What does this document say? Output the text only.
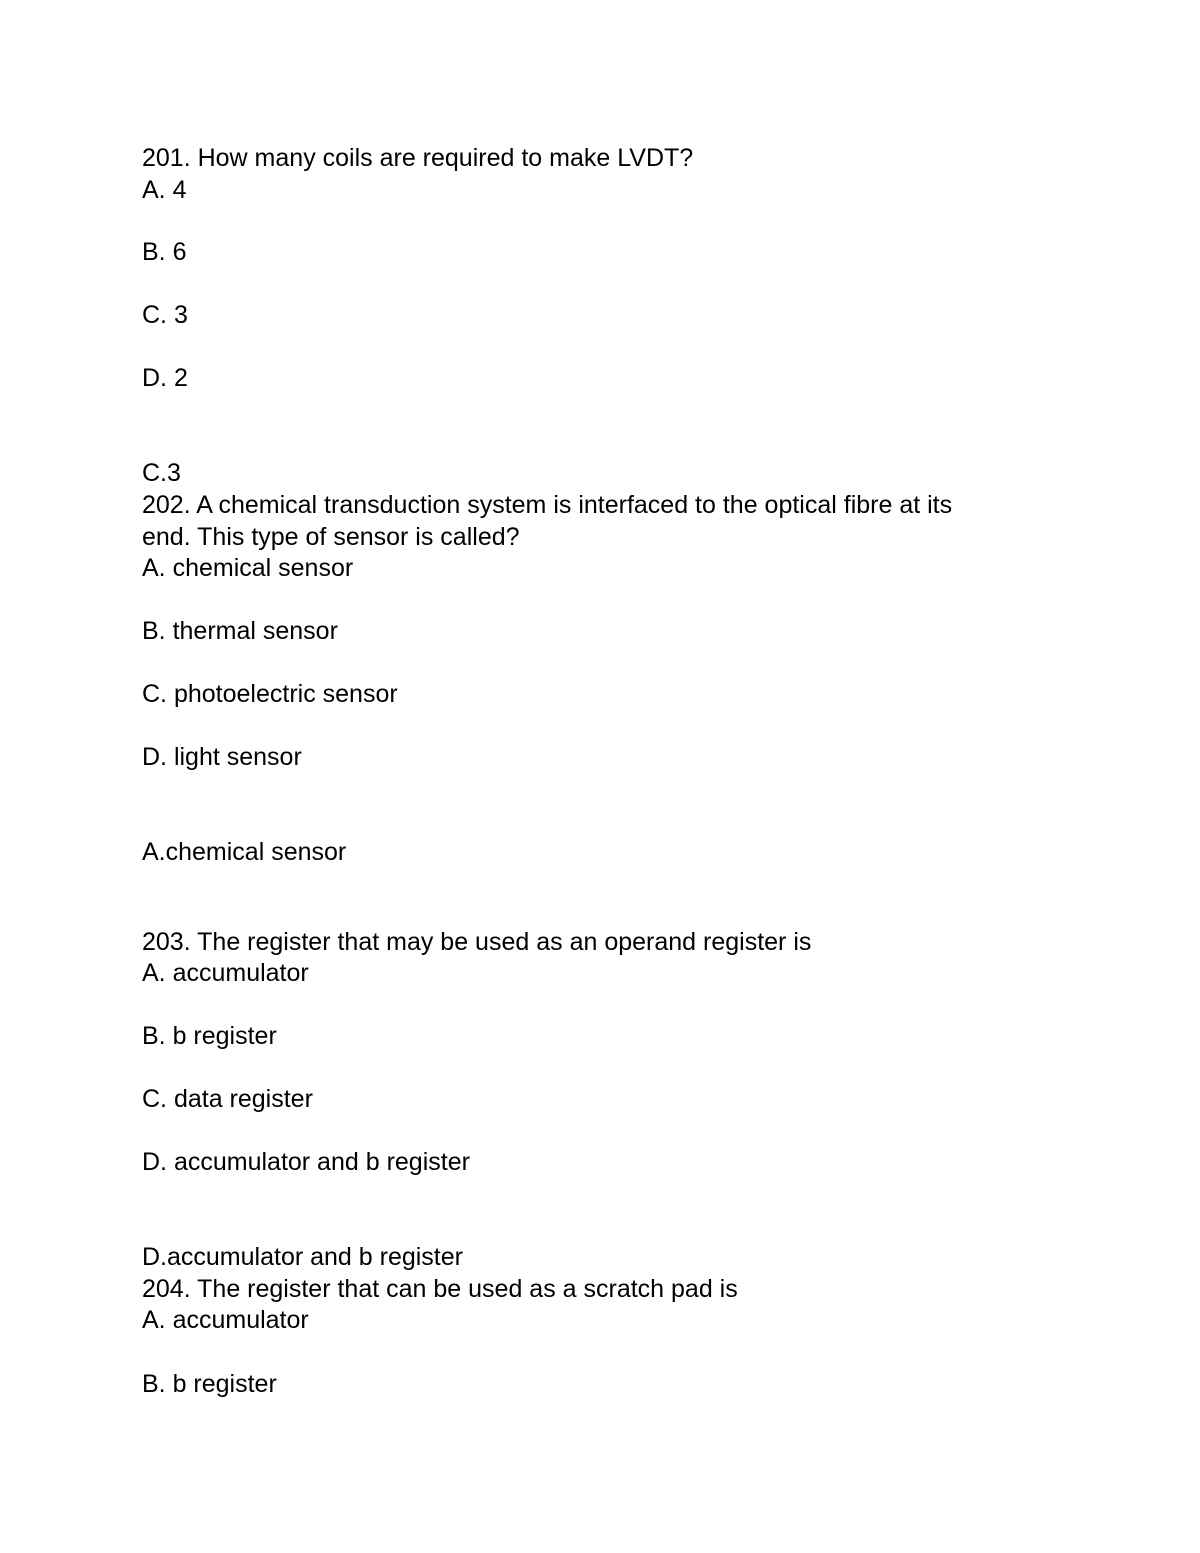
201. How many coils are required to make LVDT?
A. 4
B. 6
C. 3
D. 2
C.3
202. A chemical transduction system is interfaced to the optical fibre at its
end. This type of sensor is called?
A. chemical sensor
B. thermal sensor
C. photoelectric sensor
D. light sensor
A.chemical sensor
203. The register that may be used as an operand register is
A. accumulator
B. b register
C. data register
D. accumulator and b register
D.accumulator and b register
204. The register that can be used as a scratch pad is
A. accumulator
B. b register
